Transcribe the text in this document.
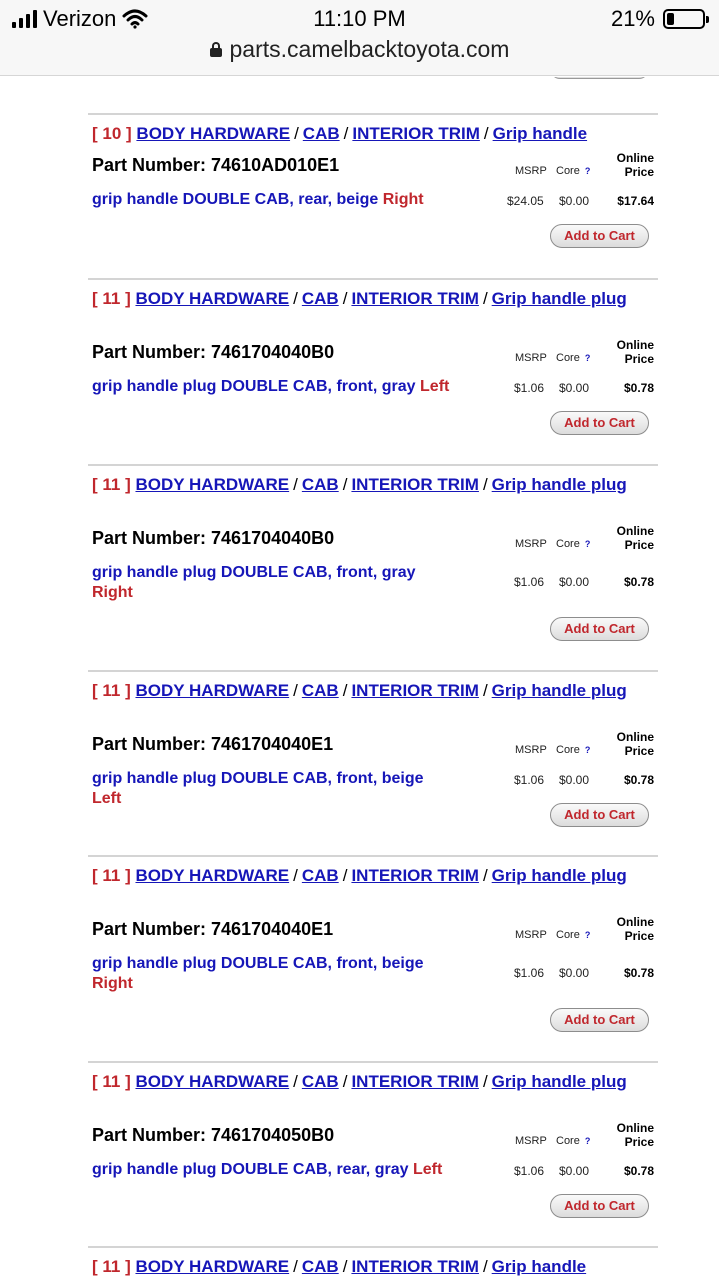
Verizon	11:10 PM	21%
parts.camelbacktoyota.com
[ 10 ] BODY HARDWARE / CAB / INTERIOR TRIM / Grip handle
Part Number: 74610AD010E1	MSRP Core ?
Online
Price
grip handle DOUBLE CAB, rear, beige Right	$24.05 $0.00 $17.64
Add to Cart
[ 11 ] BODY HARDWARE / CAB / INTERIOR TRIM / Grip handle plug
Part Number: 7461704040B0	MSRP Core ?
Online
Price
grip handle plug DOUBLE CAB, front, gray Left	$1.06 $0.00	$0.78
Add to Cart
[ 11 ] BODY HARDWARE / CAB / INTERIOR TRIM / Grip handle plug
Part Number: 7461704040B0	MSRP Core ?
Online
Price
grip handle plug DOUBLE CAB, front, gray
Right
$1.06 $0.00	$0.78
Add to Cart
[ 11 ] BODY HARDWARE / CAB / INTERIOR TRIM / Grip handle plug
Part Number: 7461704040E1	MSRP Core ?
Online
Price
grip handle plug DOUBLE CAB, front, beige Left
$1.06 $0.00	$0.78
Add to Cart
[ 11 ] BODY HARDWARE / CAB / INTERIOR TRIM / Grip handle plug
Part Number: 7461704040E1	MSRP Core ?
Online
Price
grip handle plug DOUBLE CAB, front, beige
Right
$1.06 $0.00	$0.78
Add to Cart
[ 11 ] BODY HARDWARE / CAB / INTERIOR TRIM / Grip handle plug
Part Number: 7461704050B0	MSRP Core ?
Online
Price
grip handle plug DOUBLE CAB, rear, gray Left	$1.06 $0.00	$0.78
Add to Cart
[ 11 ] BODY HARDWARE / CAB / INTERIOR TRIM / Grip handle
